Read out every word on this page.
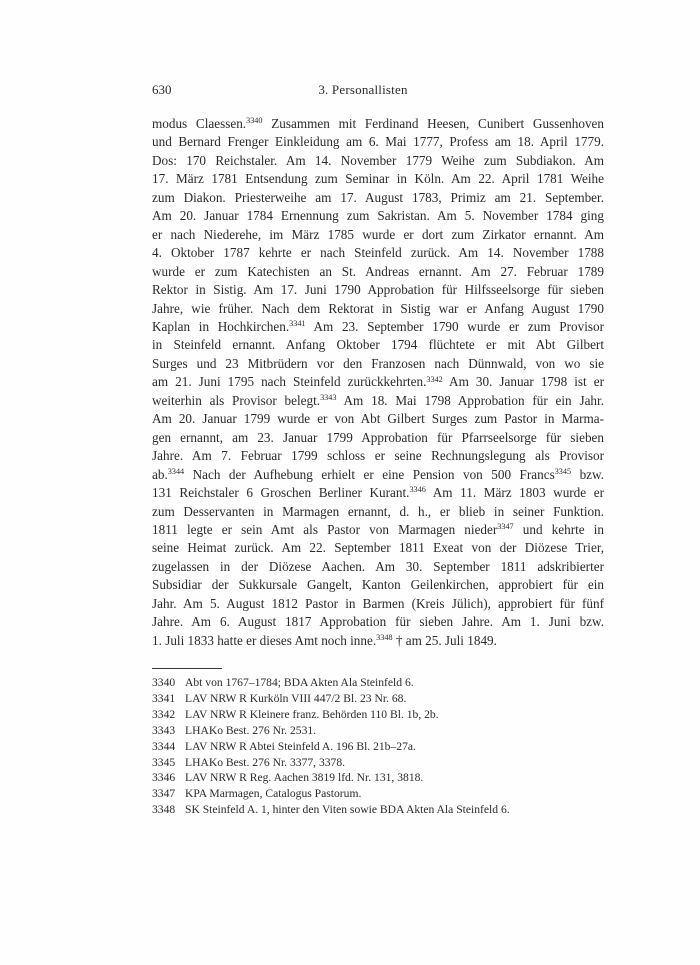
630	3. Personallisten
modus Claessen.$^{3340}$ Zusammen mit Ferdinand Heesen, Cunibert Gussenhoven
und Bernard Frenger Einkleidung am 6. Mai 1777, Profess am 18. April 1779.
Dos: 170 Reichstaler. Am 14. November 1779 Weihe zum Subdiakon. Am
17. März 1781 Entsendung zum Seminar in Köln. Am 22. April 1781 Weihe
zum Diakon. Priesterweihe am 17. August 1783, Primiz am 21. September.
Am 20. Januar 1784 Ernennung zum Sakristan. Am 5. November 1784 ging
er nach Niederehe, im März 1785 wurde er dort zum Zirkator ernannt. Am
4. Oktober 1787 kehrte er nach Steinfeld zurück. Am 14. November 1788
wurde er zum Katechisten an St. Andreas ernannt. Am 27. Februar 1789
Rektor in Sistig. Am 17. Juni 1790 Approbation für Hilfsseelsorge für sieben
Jahre, wie früher. Nach dem Rektorat in Sistig war er Anfang August 1790
Kaplan in Hochkirchen.$^{3341}$ Am 23. September 1790 wurde er zum Provisor
in Steinfeld ernannt. Anfang Oktober 1794 flüchtete er mit Abt Gilbert
Surges und 23 Mitbrüdern vor den Franzosen nach Dünnwald, von wo sie
am 21. Juni 1795 nach Steinfeld zurückkehrten.$^{3342}$ Am 30. Januar 1798 ist er
weiterhin als Provisor belegt.$^{3343}$ Am 18. Mai 1798 Approbation für ein Jahr.
Am 20. Januar 1799 wurde er von Abt Gilbert Surges zum Pastor in Marma-
gen ernannt, am 23. Januar 1799 Approbation für Pfarrseelsorge für sieben
Jahre. Am 7. Februar 1799 schloss er seine Rechnungslegung als Provisor
ab.$^{3344}$ Nach der Aufhebung erhielt er eine Pension von 500 Francs$^{3345}$ bzw.
131 Reichstaler 6 Groschen Berliner Kurant.$^{3346}$ Am 11. März 1803 wurde er
zum Desservanten in Marmagen ernannt, d. h., er blieb in seiner Funktion.
1811 legte er sein Amt als Pastor von Marmagen nieder$^{3347}$ und kehrte in
seine Heimat zurück. Am 22. September 1811 Exeat von der Diözese Trier,
zugelassen in der Diözese Aachen. Am 30. September 1811 adskribierter
Subsidiar der Sukkursale Gangelt, Kanton Geilenkirchen, approbiert für ein
Jahr. Am 5. August 1812 Pastor in Barmen (Kreis Jülich), approbiert für fünf
Jahre. Am 6. August 1817 Approbation für sieben Jahre. Am 1. Juni bzw.
1. Juli 1833 hatte er dieses Amt noch inne.$^{3348}$ † am 25. Juli 1849.
3340 Abt von 1767–1784; BDA Akten Ala Steinfeld 6.
3341 LAV NRW R Kurköln VIII 447/2 Bl. 23 Nr. 68.
3342 LAV NRW R Kleinere franz. Behörden 110 Bl. 1b, 2b.
3343 LHAKo Best. 276 Nr. 2531.
3344 LAV NRW R Abtei Steinfeld A. 196 Bl. 21b–27a.
3345 LHAKo Best. 276 Nr. 3377, 3378.
3346 LAV NRW R Reg. Aachen 3819 lfd. Nr. 131, 3818.
3347 KPA Marmagen, Catalogus Pastorum.
3348 SK Steinfeld A. 1, hinter den Viten sowie BDA Akten Ala Steinfeld 6.
